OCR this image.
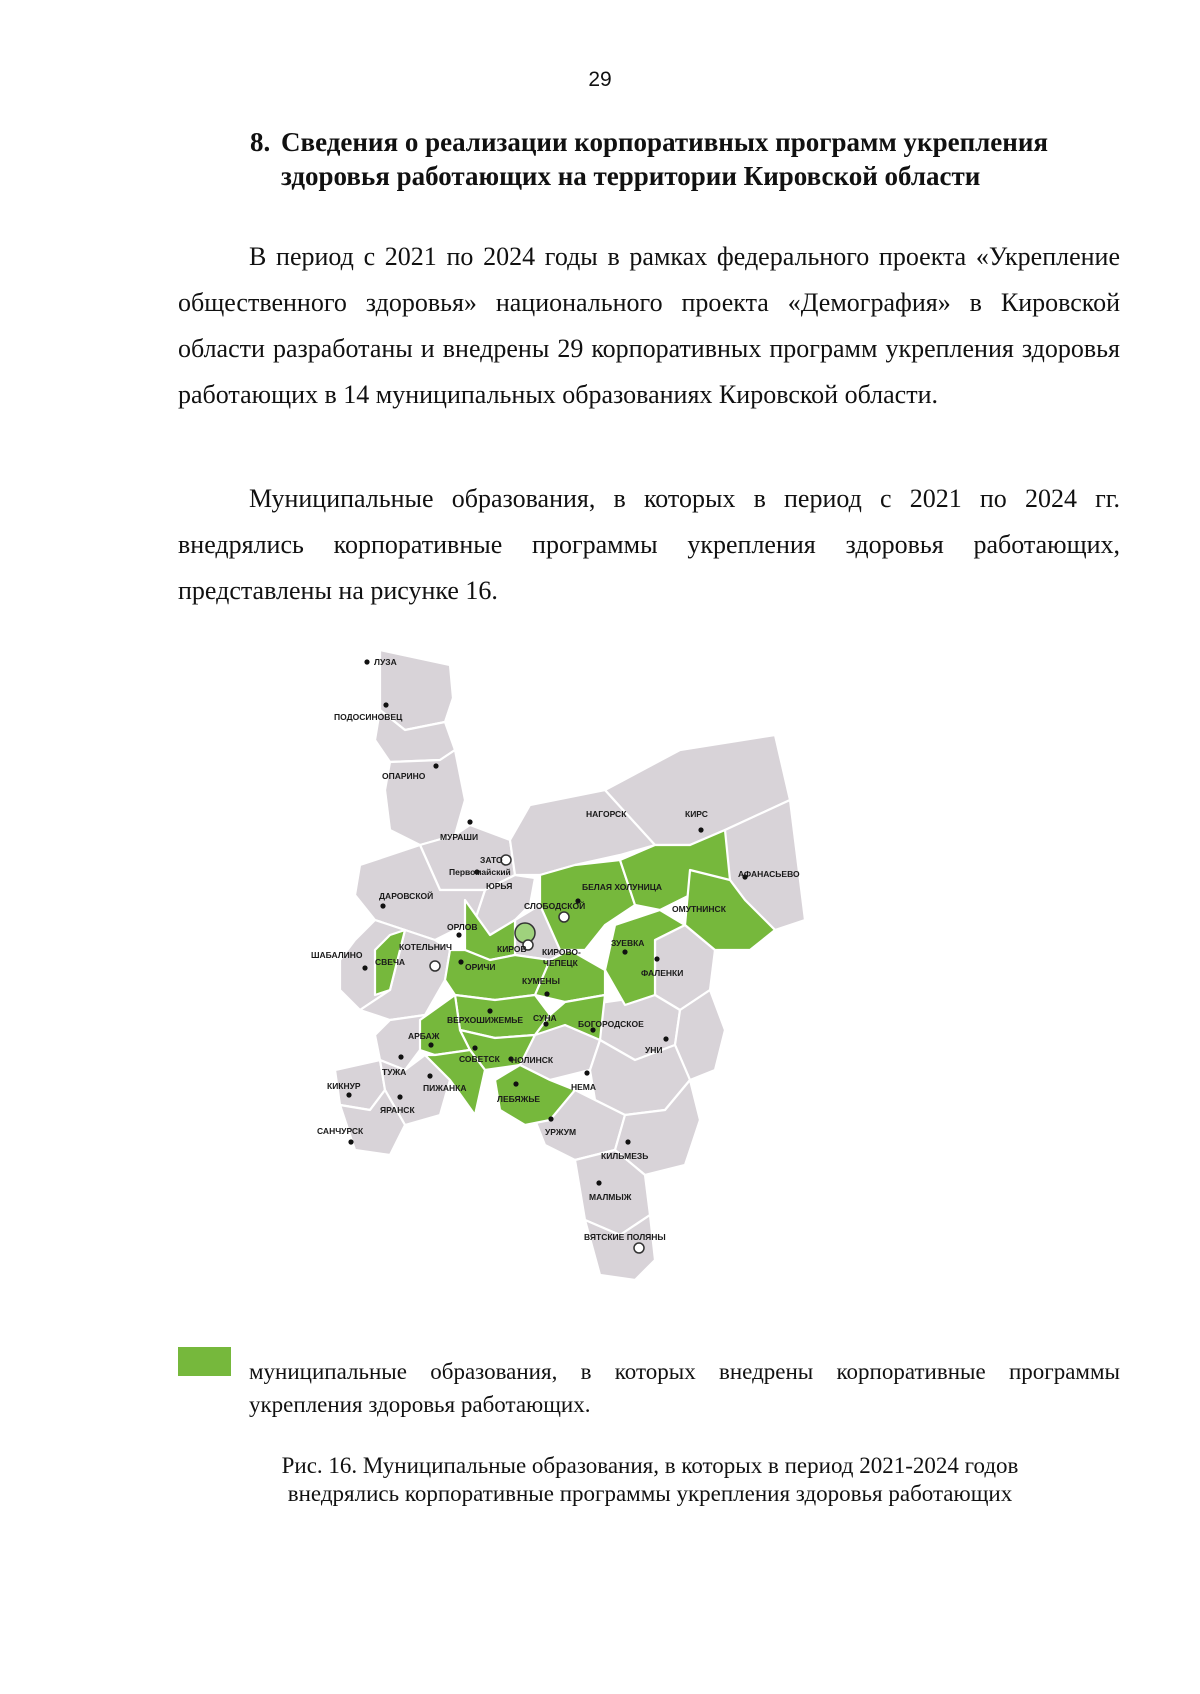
29
8. Сведения о реализации корпоративных программ укрепления
здоровья работающих на территории Кировской области
В период с 2021 по 2024 годы в рамках федерального проекта «Укрепление общественного здоровья» национального проекта «Демография» в Кировской области разработаны и внедрены 29 корпоративных программ укрепления здоровья работающих в 14 муниципальных образованиях Кировской области.
Муниципальные образования, в которых в период с 2021 по 2024 гг. внедрялись корпоративные программы укрепления здоровья работающих, представлены на рисунке 16.
ЛУЗА
ПОДОСИНОВЕЦ
ОПАРИНО
МУРАШИ
НАГОРСК	КИРС
ЗАТО
Первомайский
ЮРЬЯ
ДАРОВСКОЙ
БЕЛАЯ ХОЛУНИЦА
АФАНАСЬЕВО
СЛОБОДСКОЙ	ОМУТНИНСК
ОРЛОВ
КИРОВ КИРОВО-
ЧЕПЕЦК
ЗУЕВКА
ШАБАЛИНО
КОТЕЛЬНИЧ
СВЕЧА	ОРИЧИ
ФАЛЕНКИ
КУМЕНЫ
ВЕРХОШИЖЕМЬЕ СУНА
БОГОРОДСКОЕ
АРБАЖ
УНИ
СОВЕТСК НОЛИНСК
ТУЖА
ПИЖАНКА	НЕМА
КИКНУР
ЛЕБЯЖЬЕ
ЯРАНСК
УРЖУМ
САНЧУРСК
КИЛЬМЕЗЬ
МАЛМЫЖ
ВЯТСКИЕ ПОЛЯНЫ
муниципальные образования, в которых внедрены корпоративные программы укрепления здоровья работающих.
Рис. 16. Муниципальные образования, в которых в период 2021-2024 годов
внедрялись корпоративные программы укрепления здоровья работающих
